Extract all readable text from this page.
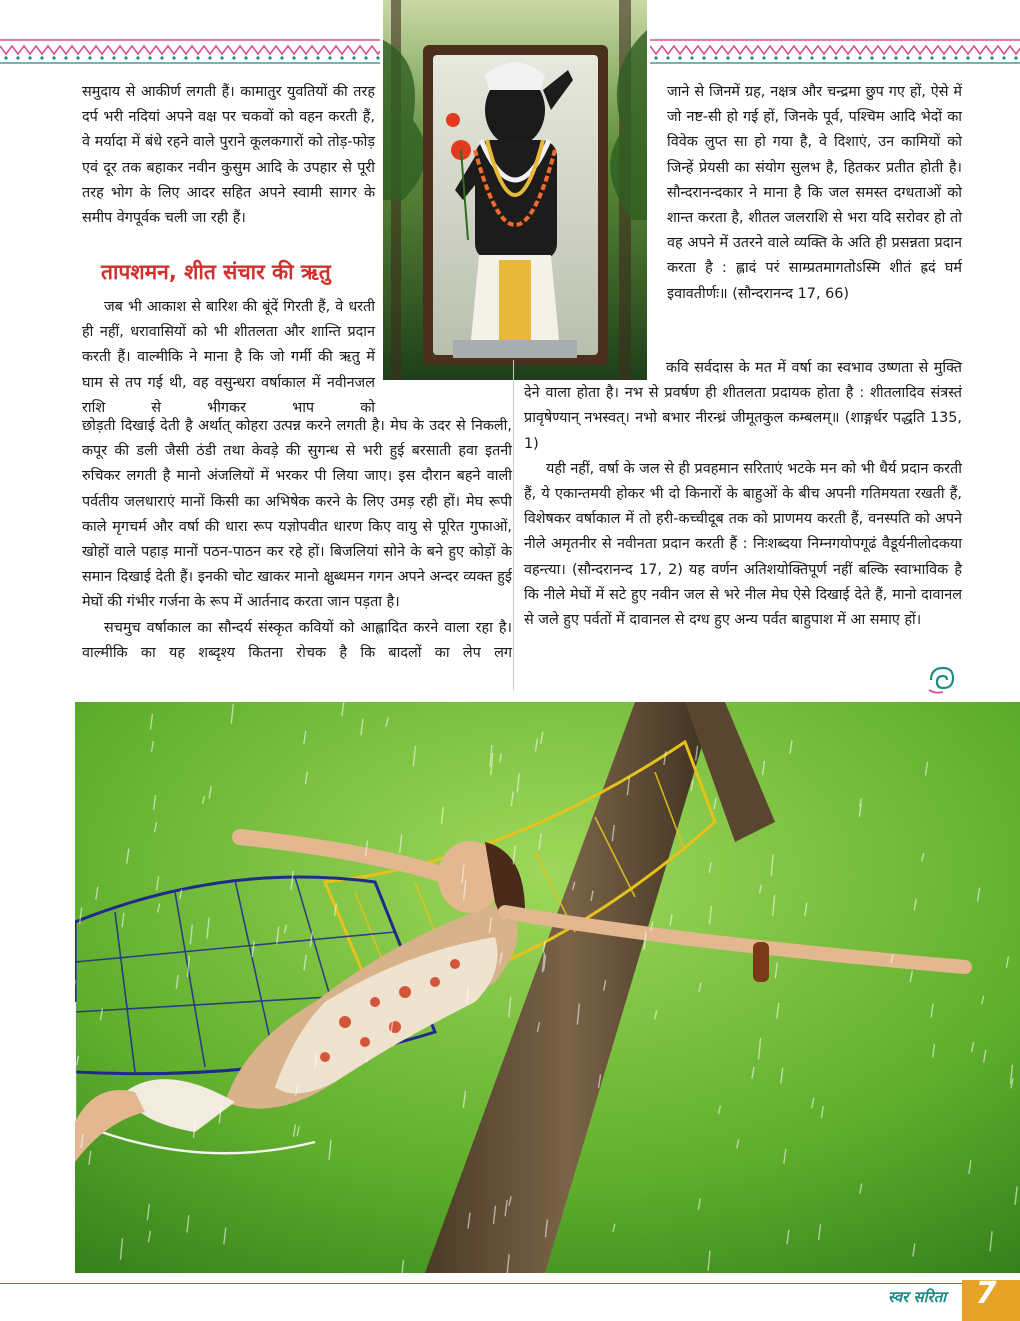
समुदाय से आकीर्ण लगती हैं। कामातुर युवतियों की तरह दर्प भरी नदियां अपने वक्ष पर चकवों को वहन करती हैं, वे मर्यादा में बंधे रहने वाले पुराने कूलकगारों को तोड़-फोड़ एवं दूर तक बहाकर नवीन कुसुम आदि के उपहार से पूरी तरह भोग के लिए आदर सहित अपने स्वामी सागर के समीप वेगपूर्वक चली जा रही हैं।

तापशमन, शीत संचार की ऋतु

जब भी आकाश से बारिश की बूंदें गिरती हैं, वे धरती ही नहीं, धरावासियों को भी शीतलता और शान्ति प्रदान करती हैं। वाल्मीकि ने माना है कि जो गर्मी की ऋतु में घाम से तप गई थी, वह वसुन्धरा वर्षाकाल में नवीनजल राशि से भीगकर भाप को

छोड़ती दिखाई देती है अर्थात् कोहरा उत्पन्न करने लगती है। मेघ के उदर से निकली, कपूर की डली जैसी ठंडी तथा केवड़े की सुगन्ध से भरी हुई बरसाती हवा इतनी रुचिकर लगती है मानो अंजलियों में भरकर पी लिया जाए। इस दौरान बहने वाली पर्वतीय जलधाराएं मानों किसी का अभिषेक करने के लिए उमड़ रही हों। मेघ रूपी काले मृगचर्म और वर्षा की धारा रूप यज्ञोपवीत धारण किए वायु से पूरित गुफाओं, खोहों वाले पहाड़ मानों पठन-पाठन कर रहे हों। बिजलियां सोने के बने हुए कोड़ों के समान दिखाई देती हैं। इनकी चोट खाकर मानो क्षुब्धमन गगन अपने अन्दर व्यक्त हुई मेघों की गंभीर गर्जना के रूप में आर्तनाद करता जान पड़ता है।

सचमुच वर्षाकाल का सौन्दर्य संस्कृत कवियों को आह्लादित करने वाला रहा है। वाल्मीकि का यह शब्दृश्य कितना रोचक है कि बादलों का लेप लग

जाने से जिनमें ग्रह, नक्षत्र और चन्द्रमा छुप गए हों, ऐसे में जो नष्ट-सी हो गई हों, जिनके पूर्व, पश्चिम आदि भेदों का विवेक लुप्त सा हो गया है, वे दिशाएं, उन कामियों को जिन्हें प्रेयसी का संयोग सुलभ है, हितकर प्रतीत होती है। सौन्दरानन्दकार ने माना है कि जल समस्त दग्धताओं को शान्त करता है, शीतल जलराशि से भरा यदि सरोवर हो तो वह अपने में उतरने वाले व्यक्ति के अति ही प्रसन्नता प्रदान करता है : ह्लादं परं साम्प्रतमागतोऽस्मि शीतं ह्रदं घर्म इवावतीर्णः॥ (सौन्दरानन्द 17, 66)

कवि सर्वदास के मत में वर्षा का स्वभाव उष्णता से मुक्ति देने वाला होता है। नभ से प्रवर्षण ही शीतलता प्रदायक होता है : शीतलादिव संत्रस्तं प्रावृषेण्यान् नभस्वत्। नभो बभार नीरन्ध्रं जीमूतकुल कम्बलम्॥ (शाङ्गर्धर पद्धति 135, 1)

यही नहीं, वर्षा के जल से ही प्रवहमान सरिताएं भटके मन को भी धैर्य प्रदान करती हैं, ये एकान्तमयी होकर भी दो किनारों के बाहुओं के बीच अपनी गतिमयता रखती हैं, विशेषकर वर्षाकाल में तो हरी-कच्चीदूब तक को प्राणमय करती हैं, वनस्पति को अपने नीले अमृतनीर से नवीनता प्रदान करती हैं : निःशब्दया निम्नगयोपगूढं वैडूर्यनीलोदकया वहन्त्या। (सौन्दरानन्द 17, 2) यह वर्णन अतिशयोक्तिपूर्ण नहीं बल्कि स्वाभाविक है कि नीले मेघों में सटे हुए नवीन जल से भरे नील मेघ ऐसे दिखाई देते हैं, मानो दावानल से जले हुए पर्वतों में दावानल से दग्ध हुए अन्य पर्वत बाहुपाश में आ समाए हों।

स्वर सरिता 7
